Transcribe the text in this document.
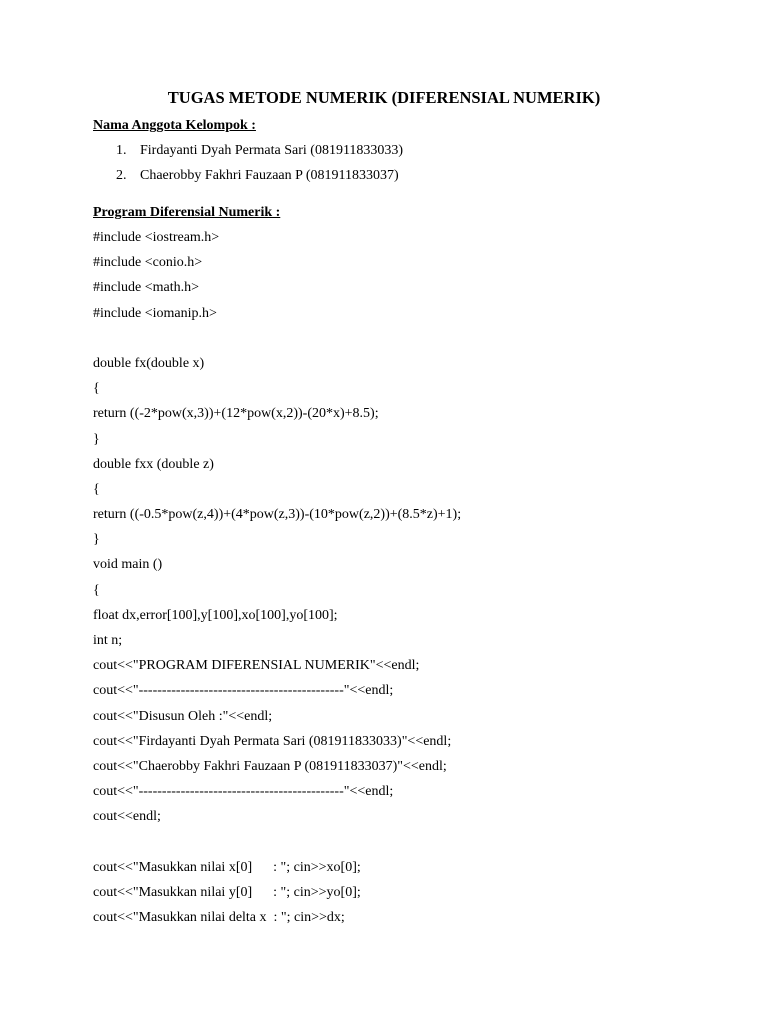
TUGAS METODE NUMERIK (DIFERENSIAL NUMERIK)
Nama Anggota Kelompok :
1. Firdayanti Dyah Permata Sari (081911833033)
2. Chaerobby Fakhri Fauzaan P (081911833037)
Program Diferensial Numerik :
#include <iostream.h>
#include <conio.h>
#include <math.h>
#include <iomanip.h>
double fx(double x)
{
return ((-2*pow(x,3))+(12*pow(x,2))-(20*x)+8.5);
}
double fxx (double z)
{
return ((-0.5*pow(z,4))+(4*pow(z,3))-(10*pow(z,2))+(8.5*z)+1);
}
void main ()
{
float dx,error[100],y[100],xo[100],yo[100];
int n;
cout<<"PROGRAM DIFERENSIAL NUMERIK"<<endl;
cout<<"--------------------------------------------"<<endl;
cout<<"Disusun Oleh :"<<endl;
cout<<"Firdayanti Dyah Permata Sari (081911833033)"<<endl;
cout<<"Chaerobby Fakhri Fauzaan P (081911833037)"<<endl;
cout<<"--------------------------------------------"<<endl;
cout<<endl;
cout<<"Masukkan nilai x[0]      : "; cin>>xo[0];
cout<<"Masukkan nilai y[0]      : "; cin>>yo[0];
cout<<"Masukkan nilai delta x  : "; cin>>dx;
